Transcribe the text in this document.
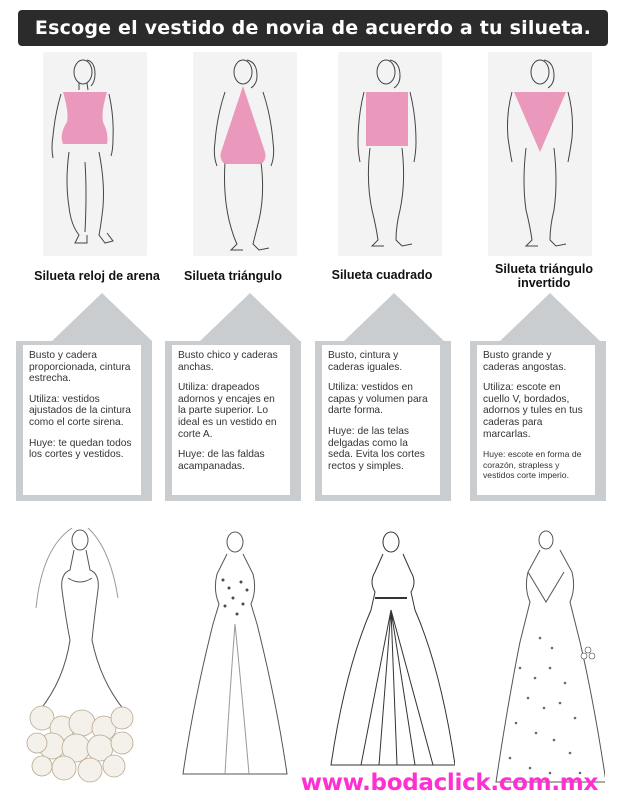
Escoge el vestido de novia de acuerdo a tu silueta.
Silueta reloj de arena

Busto y cadera proporcionada, cintura estrecha.

Utiliza: vestidos ajustados de la cintura como el corte sirena.

Huye: te quedan todos los cortes y vestidos.

Silueta triángulo

Busto chico y caderas anchas.

Utiliza: drapeados adornos y encajes en la parte superior. Lo ideal es un vestido en corte A.

Huye: de las faldas acampanadas.

Silueta cuadrado

Busto, cintura y caderas iguales.

Utiliza: vestidos en capas y volumen para darte forma.

Huye: de las telas delgadas como la seda. Evita los cortes rectos y simples.

Silueta triángulo invertido

Busto grande y caderas angostas.

Utiliza: escote en cuello V, bordados, adornos y tules en tus caderas para marcarlas.

Huye: escote en forma de corazón, strapless y vestidos corte imperio.

www.bodaclick.com.mx
